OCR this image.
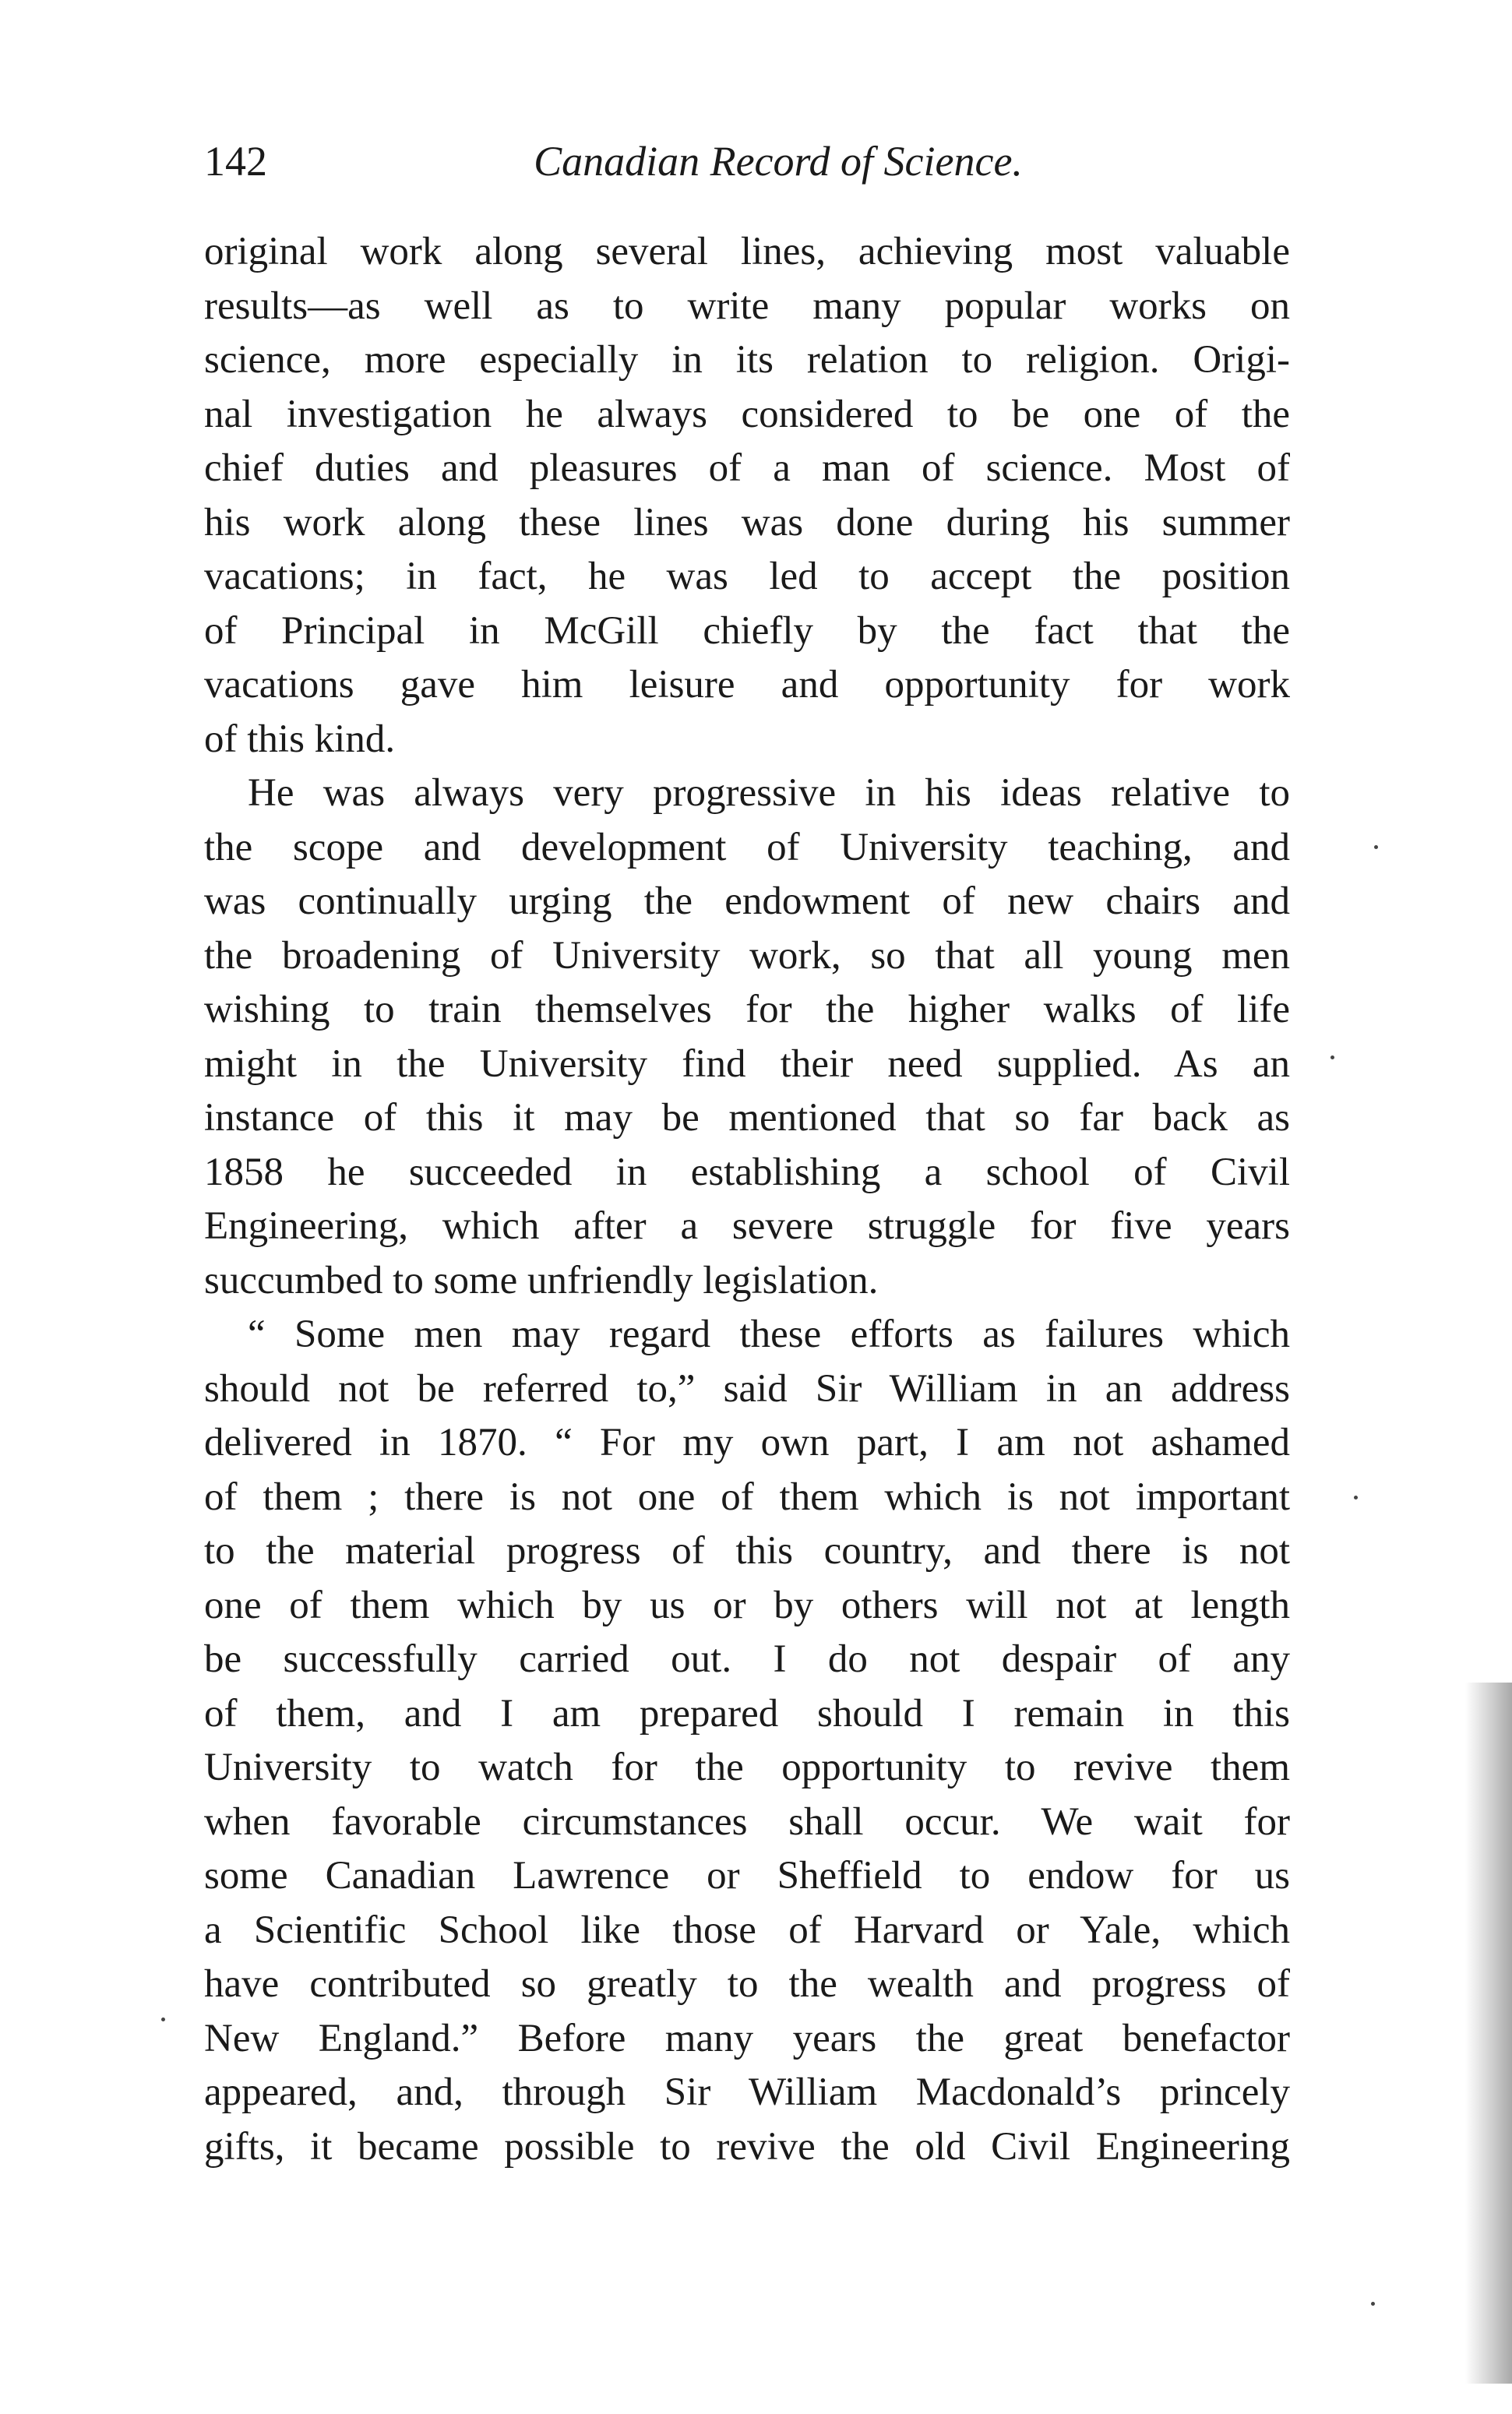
142	Canadian Record of Science.
original work along several lines, achieving most valuable
results—as well as to write many popular works on
science, more especially in its relation to religion. Origi-
nal investigation he always considered to be one of the
chief duties and pleasures of a man of science. Most of
his work along these lines was done during his summer
vacations; in fact, he was led to accept the position
of Principal in McGill chiefly by the fact that the
vacations gave him leisure and opportunity for work
of this kind.
He was always very progressive in his ideas relative to
the scope and development of University teaching, and
was continually urging the endowment of new chairs and
the broadening of University work, so that all young men
wishing to train themselves for the higher walks of life
might in the University find their need supplied. As an
instance of this it may be mentioned that so far back as
1858 he succeeded in establishing a school of Civil
Engineering, which after a severe struggle for five years
succumbed to some unfriendly legislation.
“ Some men may regard these efforts as failures which
should not be referred to,” said Sir William in an address
delivered in 1870. “ For my own part, I am not ashamed
of them ; there is not one of them which is not important
to the material progress of this country, and there is not
one of them which by us or by others will not at length
be successfully carried out. I do not despair of any
of them, and I am prepared should I remain in this
University to watch for the opportunity to revive them
when favorable circumstances shall occur. We wait for
some Canadian Lawrence or Sheffield to endow for us
a Scientific School like those of Harvard or Yale, which
have contributed so greatly to the wealth and progress of
New England.” Before many years the great benefactor
appeared, and, through Sir William Macdonald’s princely
gifts, it became possible to revive the old Civil Engineering
